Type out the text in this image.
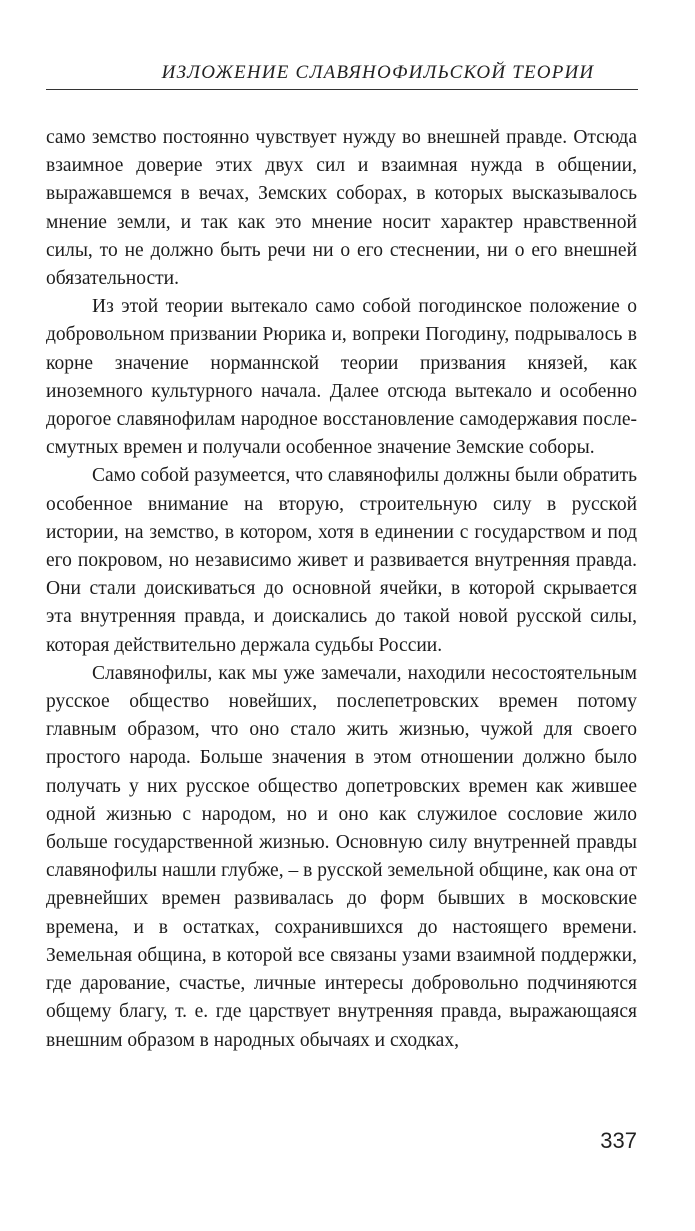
ИЗЛОЖЕНИЕ СЛАВЯНОФИЛЬСКОЙ ТЕОРИИ

само земство постоянно чувствует нужду во внешней правде. Отсюда взаимное доверие этих двух сил и взаимная нужда в общении, выражавшемся в вечах, Земских соборах, в которых высказывалось мнение земли, и так как это мнение носит характер нравственной силы, то не должно быть речи ни о его стеснении, ни о его внешней обязательности.

Из этой теории вытекало само собой погодинское положение о добровольном призвании Рюрика и, вопреки Погодину, подрывалось в корне значение норманнской теории призвания князей, как иноземного культурного начала. Далее отсюда вытекало и особенно дорогое славянофилам народное восстановление самодержавия после-смутных времен и получали особенное значение Земские соборы.

Само собой разумеется, что славянофилы должны были обратить особенное внимание на вторую, строительную силу в русской истории, на земство, в котором, хотя в единении с государством и под его покровом, но независимо живет и развивается внутренняя правда. Они стали доискиваться до основной ячейки, в которой скрывается эта внутренняя правда, и доискались до такой новой русской силы, которая действительно держала судьбы России.

Славянофилы, как мы уже замечали, находили несостоятельным русское общество новейших, послепетровских времен потому главным образом, что оно стало жить жизнью, чужой для своего простого народа. Больше значения в этом отношении должно было получать у них русское общество допетровских времен как жившее одной жизнью с народом, но и оно как служилое сословие жило больше государственной жизнью. Основную силу внутренней правды славянофилы нашли глубже, – в русской земельной общине, как она от древнейших времен развивалась до форм бывших в московские времена, и в остатках, сохранившихся до настоящего времени. Земельная община, в которой все связаны узами взаимной поддержки, где дарование, счастье, личные интересы добровольно подчиняются общему благу, т. е. где царствует внутренняя правда, выражающаяся внешним образом в народных обычаях и сходках,

337
